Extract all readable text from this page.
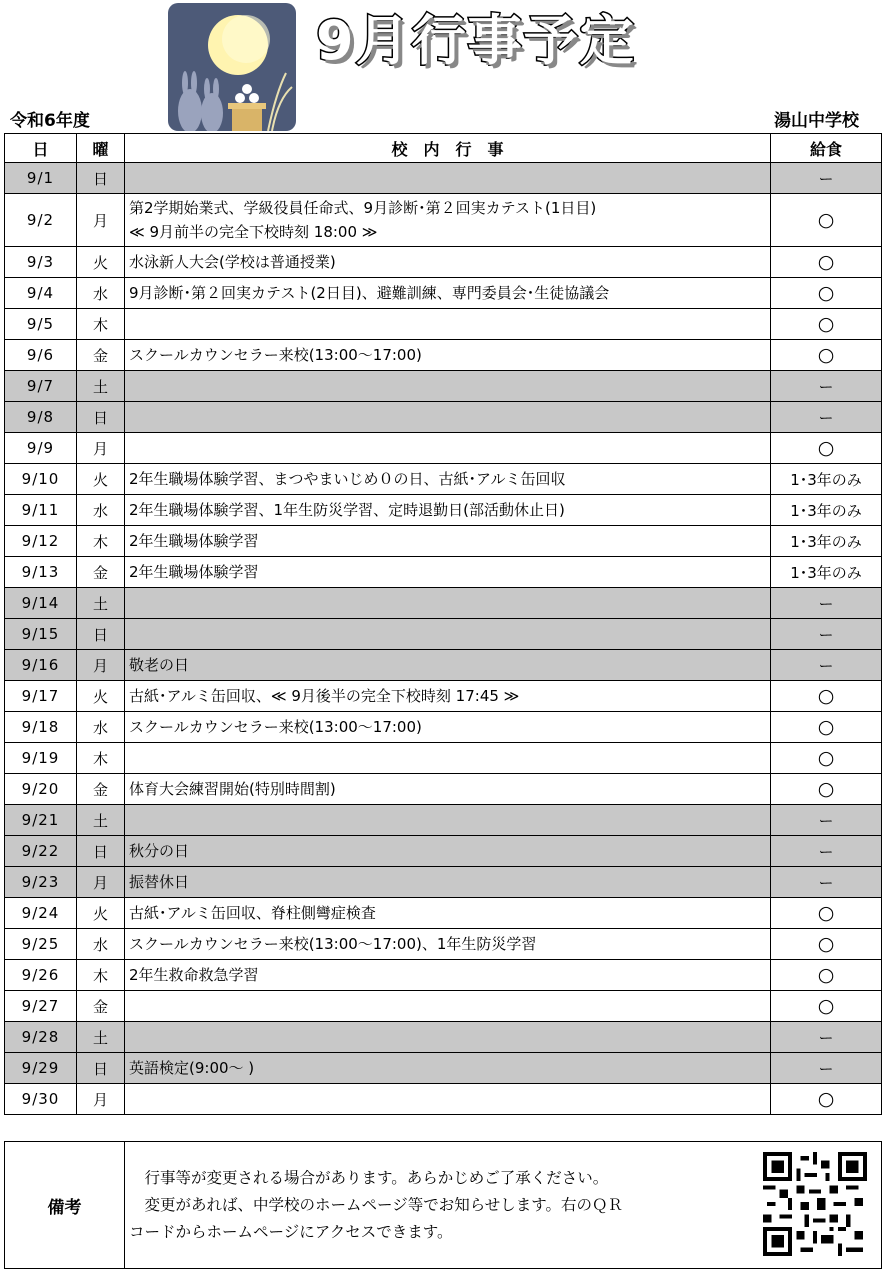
9月行事予定
令和6年度	湯山中学校
日	曜	校　内　行　事	給食
9/1	日		ー
9/2	月	第2学期始業式、学級役員任命式、9月診断･第２回実カテスト(1日目)
≪ 9月前半の完全下校時刻 18:00 ≫	○
9/3	火	水泳新人大会(学校は普通授業)	○
9/4	水	9月診断･第２回実カテスト(2日目)、避難訓練、専門委員会･生徒協議会	○
9/5	木		○
9/6	金	スクールカウンセラー来校(13:00～17:00)	○
9/7	土		ー
9/8	日		ー
9/9	月		○
9/10	火	2年生職場体験学習、まつやまいじめ０の日、古紙･アルミ缶回収	1･3年のみ
9/11	水	2年生職場体験学習、1年生防災学習、定時退勤日(部活動休止日)	1･3年のみ
9/12	木	2年生職場体験学習	1･3年のみ
9/13	金	2年生職場体験学習	1･3年のみ
9/14	土		ー
9/15	日		ー
9/16	月	敬老の日	ー
9/17	火	古紙･アルミ缶回収、≪ 9月後半の完全下校時刻 17:45 ≫	○
9/18	水	スクールカウンセラー来校(13:00～17:00)	○
9/19	木		○
9/20	金	体育大会練習開始(特別時間割)	○
9/21	土		ー
9/22	日	秋分の日	ー
9/23	月	振替休日	ー
9/24	火	古紙･アルミ缶回収、脊柱側彎症検査	○
9/25	水	スクールカウンセラー来校(13:00～17:00)、1年生防災学習	○
9/26	木	2年生救命救急学習	○
9/27	金		○
9/28	土		ー
9/29	日	英語検定(9:00～ )	ー
9/30	月		○
備考	
　行事等が変更される場合があります。あらかじめご了承ください。
　変更があれば、中学校のホームページ等でお知らせします。右のＱＲ
コードからホームページにアクセスできます。
